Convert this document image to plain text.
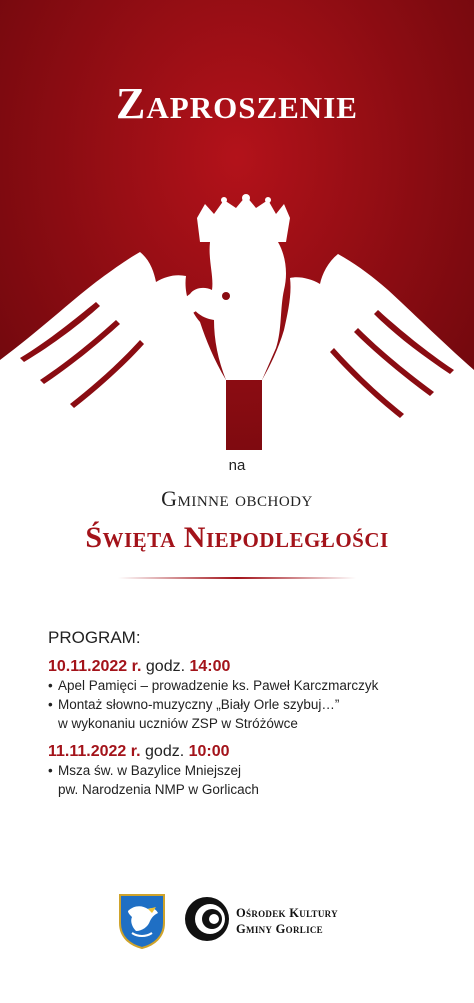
Zaproszenie
na
Gminne obchody
Święta Niepodległości
PROGRAM:
10.11.2022 r. godz. 14:00
• Apel Pamięci – prowadzenie ks. Paweł Karczmarczyk
• Montaż słowno-muzyczny „Biały Orle szybuj…”
w wykonaniu uczniów ZSP w Stróżówce
11.11.2022 r. godz. 10:00
• Msza św. w Bazylice Mniejszej
pw. Narodzenia NMP w Gorlicach
Ośrodek Kultury
Gminy Gorlice
